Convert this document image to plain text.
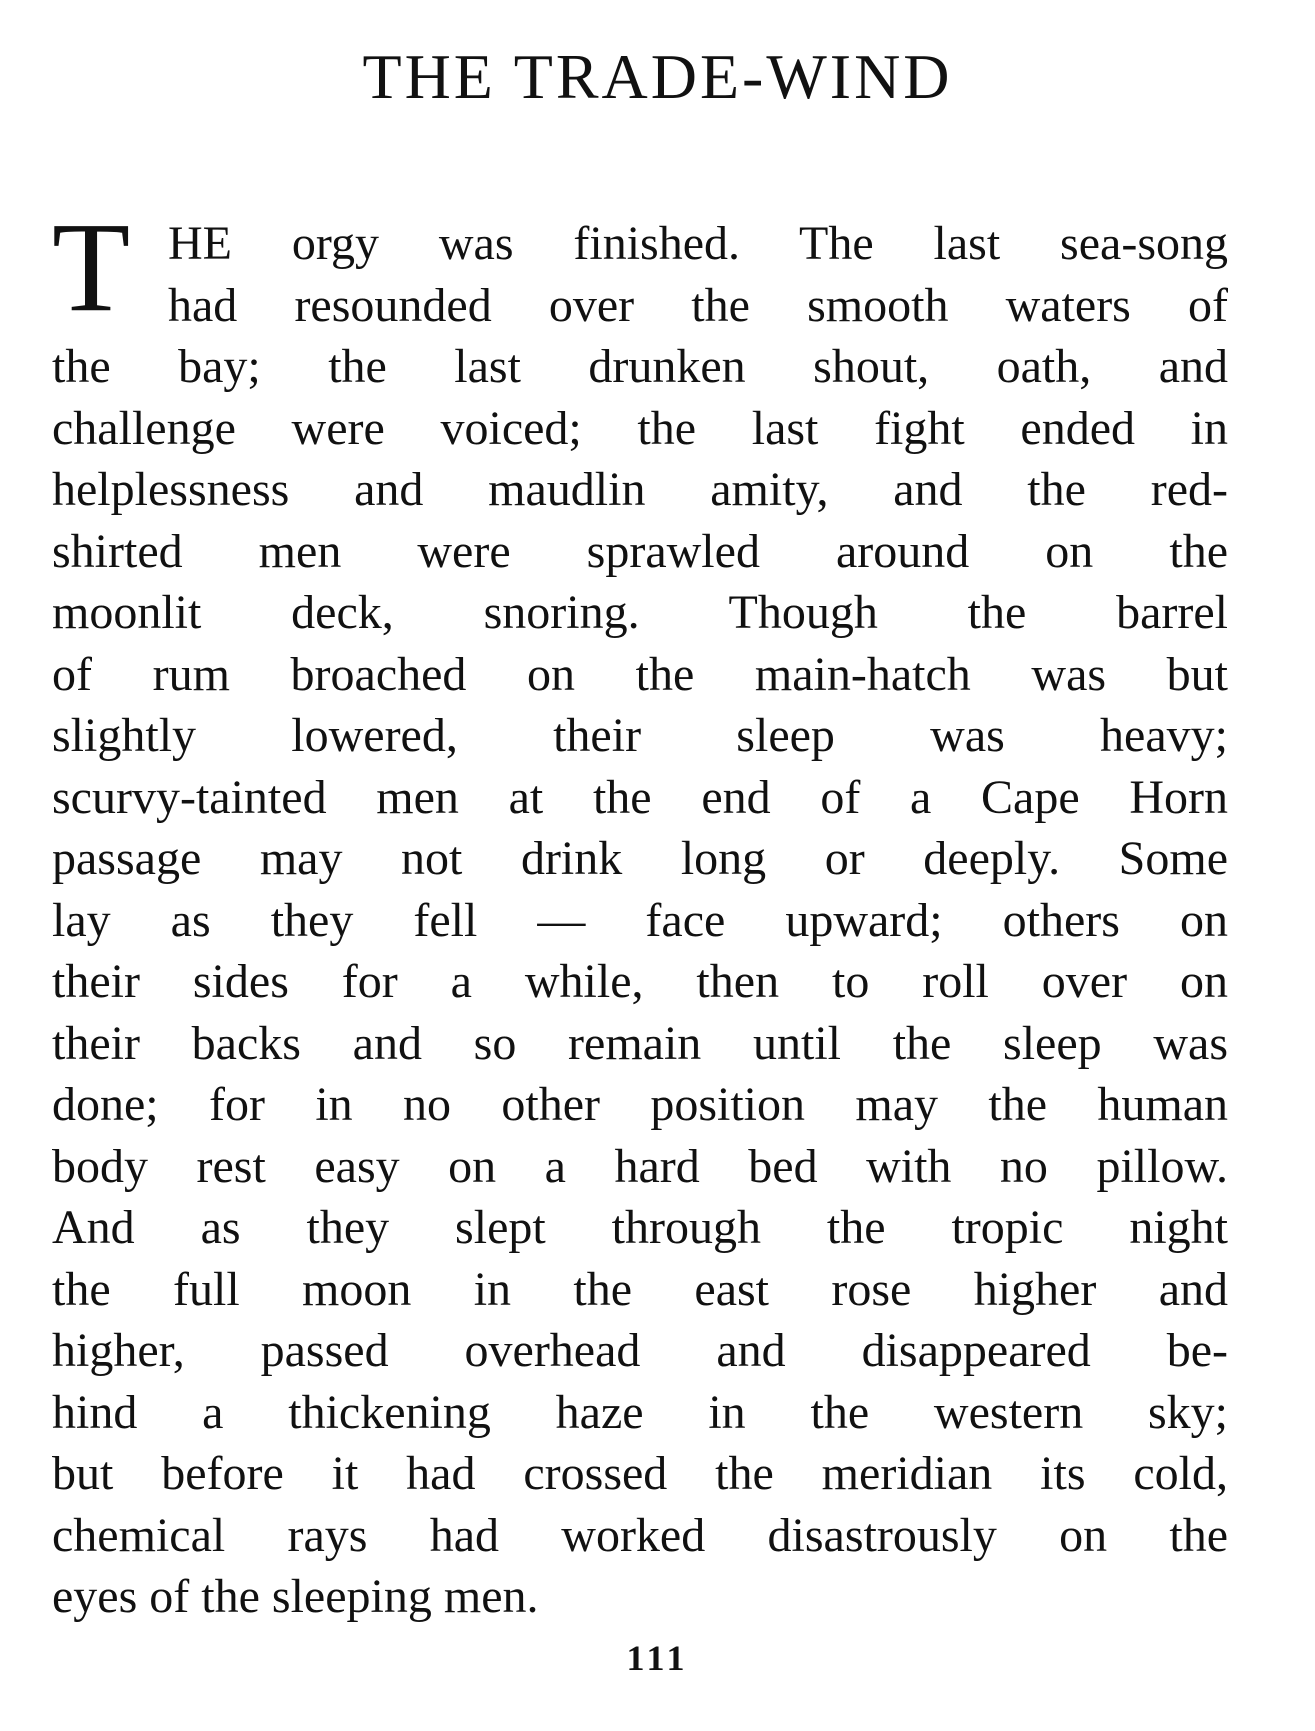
THE TRADE-WIND
T HE orgy was finished. The last sea-song
had resounded over the smooth waters of
the bay; the last drunken shout, oath, and
challenge were voiced; the last fight ended in
helplessness and maudlin amity, and the red-
shirted men were sprawled around on the
moonlit deck, snoring. Though the barrel
of rum broached on the main-hatch was but
slightly lowered, their sleep was heavy;
scurvy-tainted men at the end of a Cape Horn
passage may not drink long or deeply. Some
lay as they fell — face upward; others on
their sides for a while, then to roll over on
their backs and so remain until the sleep was
done; for in no other position may the human
body rest easy on a hard bed with no pillow.
And as they slept through the tropic night
the full moon in the east rose higher and
higher, passed overhead and disappeared be-
hind a thickening haze in the western sky;
but before it had crossed the meridian its cold,
chemical rays had worked disastrously on the
eyes of the sleeping men.
111
